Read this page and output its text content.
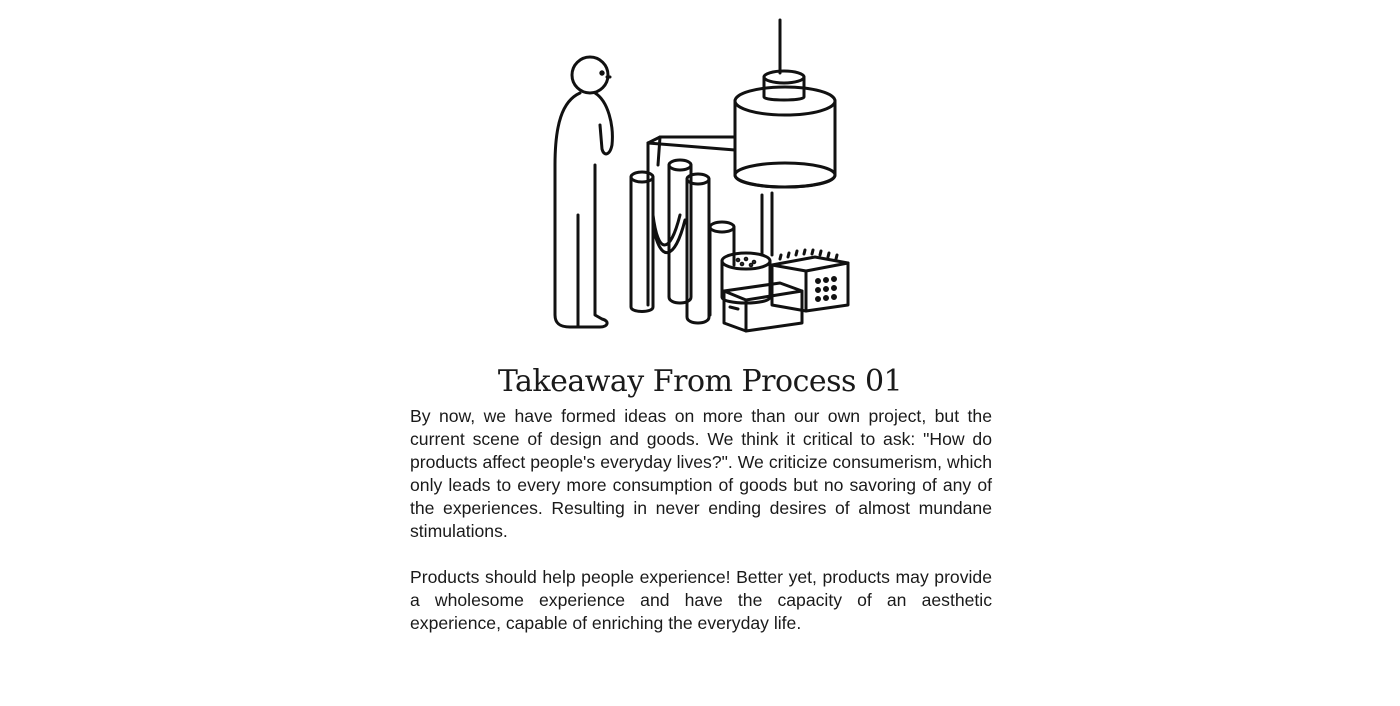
Takeaway From Process 01

By now, we have formed ideas on more than our own project, but the current scene of design and goods. We think it critical to ask: "How do products affect people's everyday lives?". We criticize consumerism, which only leads to every more consumption of goods but no savoring of any of the experiences. Resulting in never ending desires of almost mundane stimulations.

Products should help people experience! Better yet, products may provide a wholesome experience and have the capacity of an aesthetic experience, capable of enriching the everyday life.
